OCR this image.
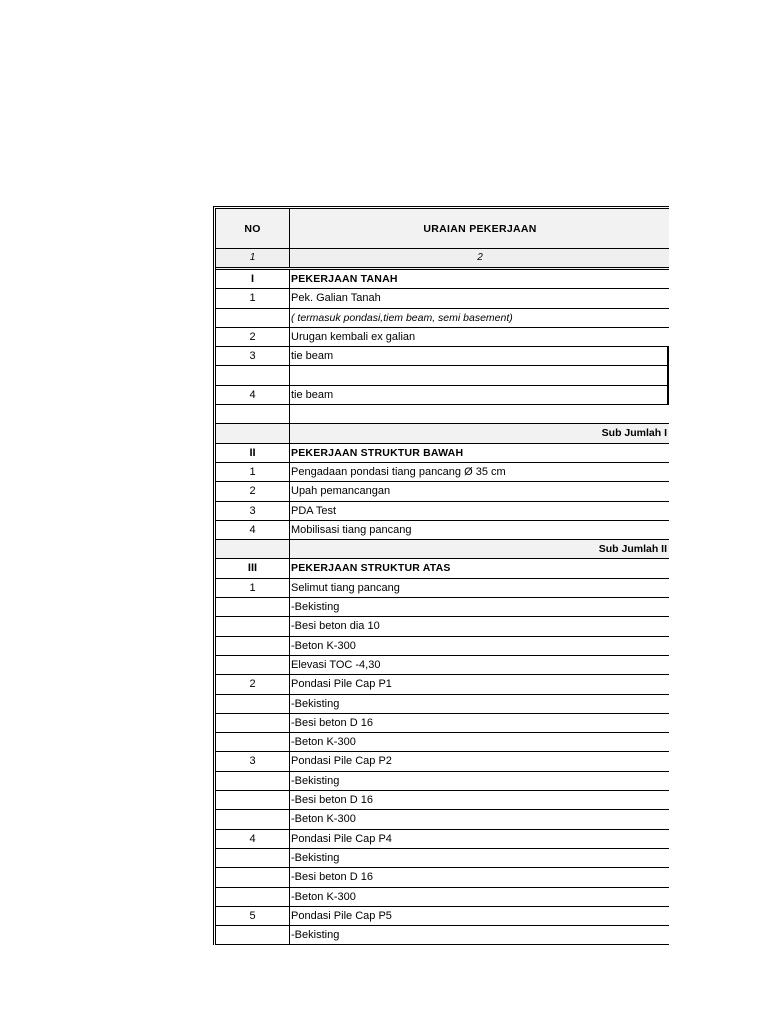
NO	URAIAN PEKERJAAN
1	2
I	PEKERJAAN TANAH
1	Pek. Galian Tanah
( termasuk pondasi,tiem beam, semi basement)
2	Urugan kembali ex galian
3	tie beam
4	tie beam
Sub Jumlah I
II	PEKERJAAN STRUKTUR BAWAH
1	Pengadaan pondasi tiang pancang Ø 35 cm
2	Upah pemancangan
3	PDA Test
4	Mobilisasi tiang pancang
Sub Jumlah II
III	PEKERJAAN STRUKTUR ATAS
1	Selimut tiang pancang
-Bekisting
-Besi beton dia 10
-Beton K-300
Elevasi TOC -4,30
2	Pondasi Pile Cap P1
-Bekisting
-Besi beton D 16
-Beton K-300
3	Pondasi Pile Cap P2
-Bekisting
-Besi beton D 16
-Beton K-300
4	Pondasi Pile Cap P4
-Bekisting
-Besi beton D 16
-Beton K-300
5	Pondasi Pile Cap P5
-Bekisting
